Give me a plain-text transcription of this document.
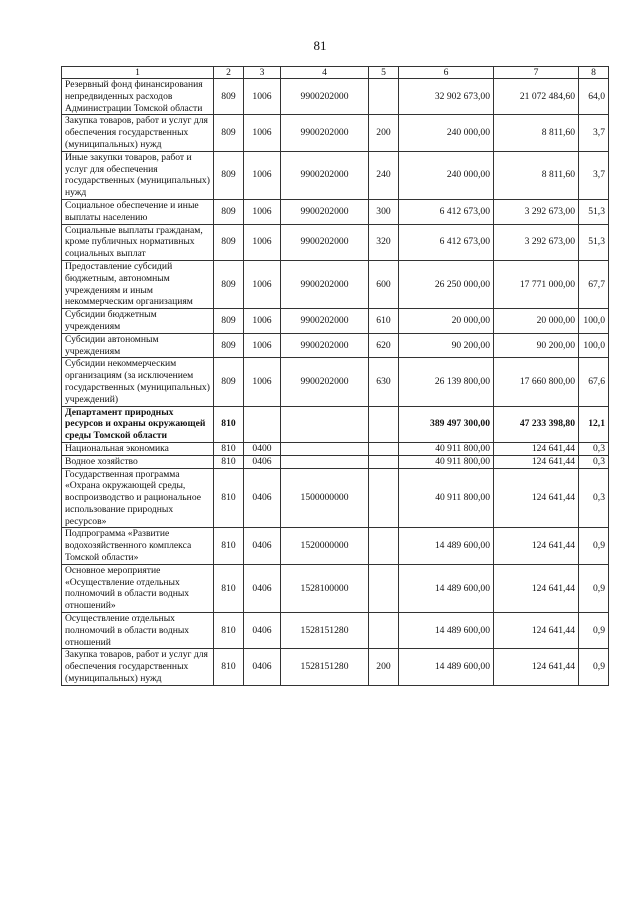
81
1	2	3	4	5	6	7	8
Резервный фонд финансирования непредвиденных расходов Администрации Томской области	809	1006	9900202000		32 902 673,00	21 072 484,60	64,0
Закупка товаров, работ и услуг для обеспечения государственных (муниципальных) нужд	809	1006	9900202000	200	240 000,00	8 811,60	3,7
Иные закупки товаров, работ и услуг для обеспечения государственных (муниципальных) нужд	809	1006	9900202000	240	240 000,00	8 811,60	3,7
Социальное обеспечение и иные выплаты населению	809	1006	9900202000	300	6 412 673,00	3 292 673,00	51,3
Социальные выплаты гражданам, кроме публичных нормативных социальных выплат	809	1006	9900202000	320	6 412 673,00	3 292 673,00	51,3
Предоставление субсидий бюджетным, автономным учреждениям и иным некоммерческим организациям	809	1006	9900202000	600	26 250 000,00	17 771 000,00	67,7
Субсидии бюджетным учреждениям	809	1006	9900202000	610	20 000,00	20 000,00	100,0
Субсидии автономным учреждениям	809	1006	9900202000	620	90 200,00	90 200,00	100,0
Субсидии некоммерческим организациям (за исключением государственных (муниципальных) учреждений)	809	1006	9900202000	630	26 139 800,00	17 660 800,00	67,6
Департамент природных ресурсов и охраны окружающей среды Томской области	810				389 497 300,00	47 233 398,80	12,1
Национальная экономика	810	0400			40 911 800,00	124 641,44	0,3
Водное хозяйство	810	0406			40 911 800,00	124 641,44	0,3
Государственная программа «Охрана окружающей среды, воспроизводство и рациональное использование природных ресурсов»	810	0406	1500000000		40 911 800,00	124 641,44	0,3
Подпрограмма «Развитие водохозяйственного комплекса Томской области»	810	0406	1520000000		14 489 600,00	124 641,44	0,9
Основное мероприятие «Осуществление отдельных полномочий в области водных отношений»	810	0406	1528100000		14 489 600,00	124 641,44	0,9
Осуществление отдельных полномочий в области водных отношений	810	0406	1528151280		14 489 600,00	124 641,44	0,9
Закупка товаров, работ и услуг для обеспечения государственных (муниципальных) нужд	810	0406	1528151280	200	14 489 600,00	124 641,44	0,9
